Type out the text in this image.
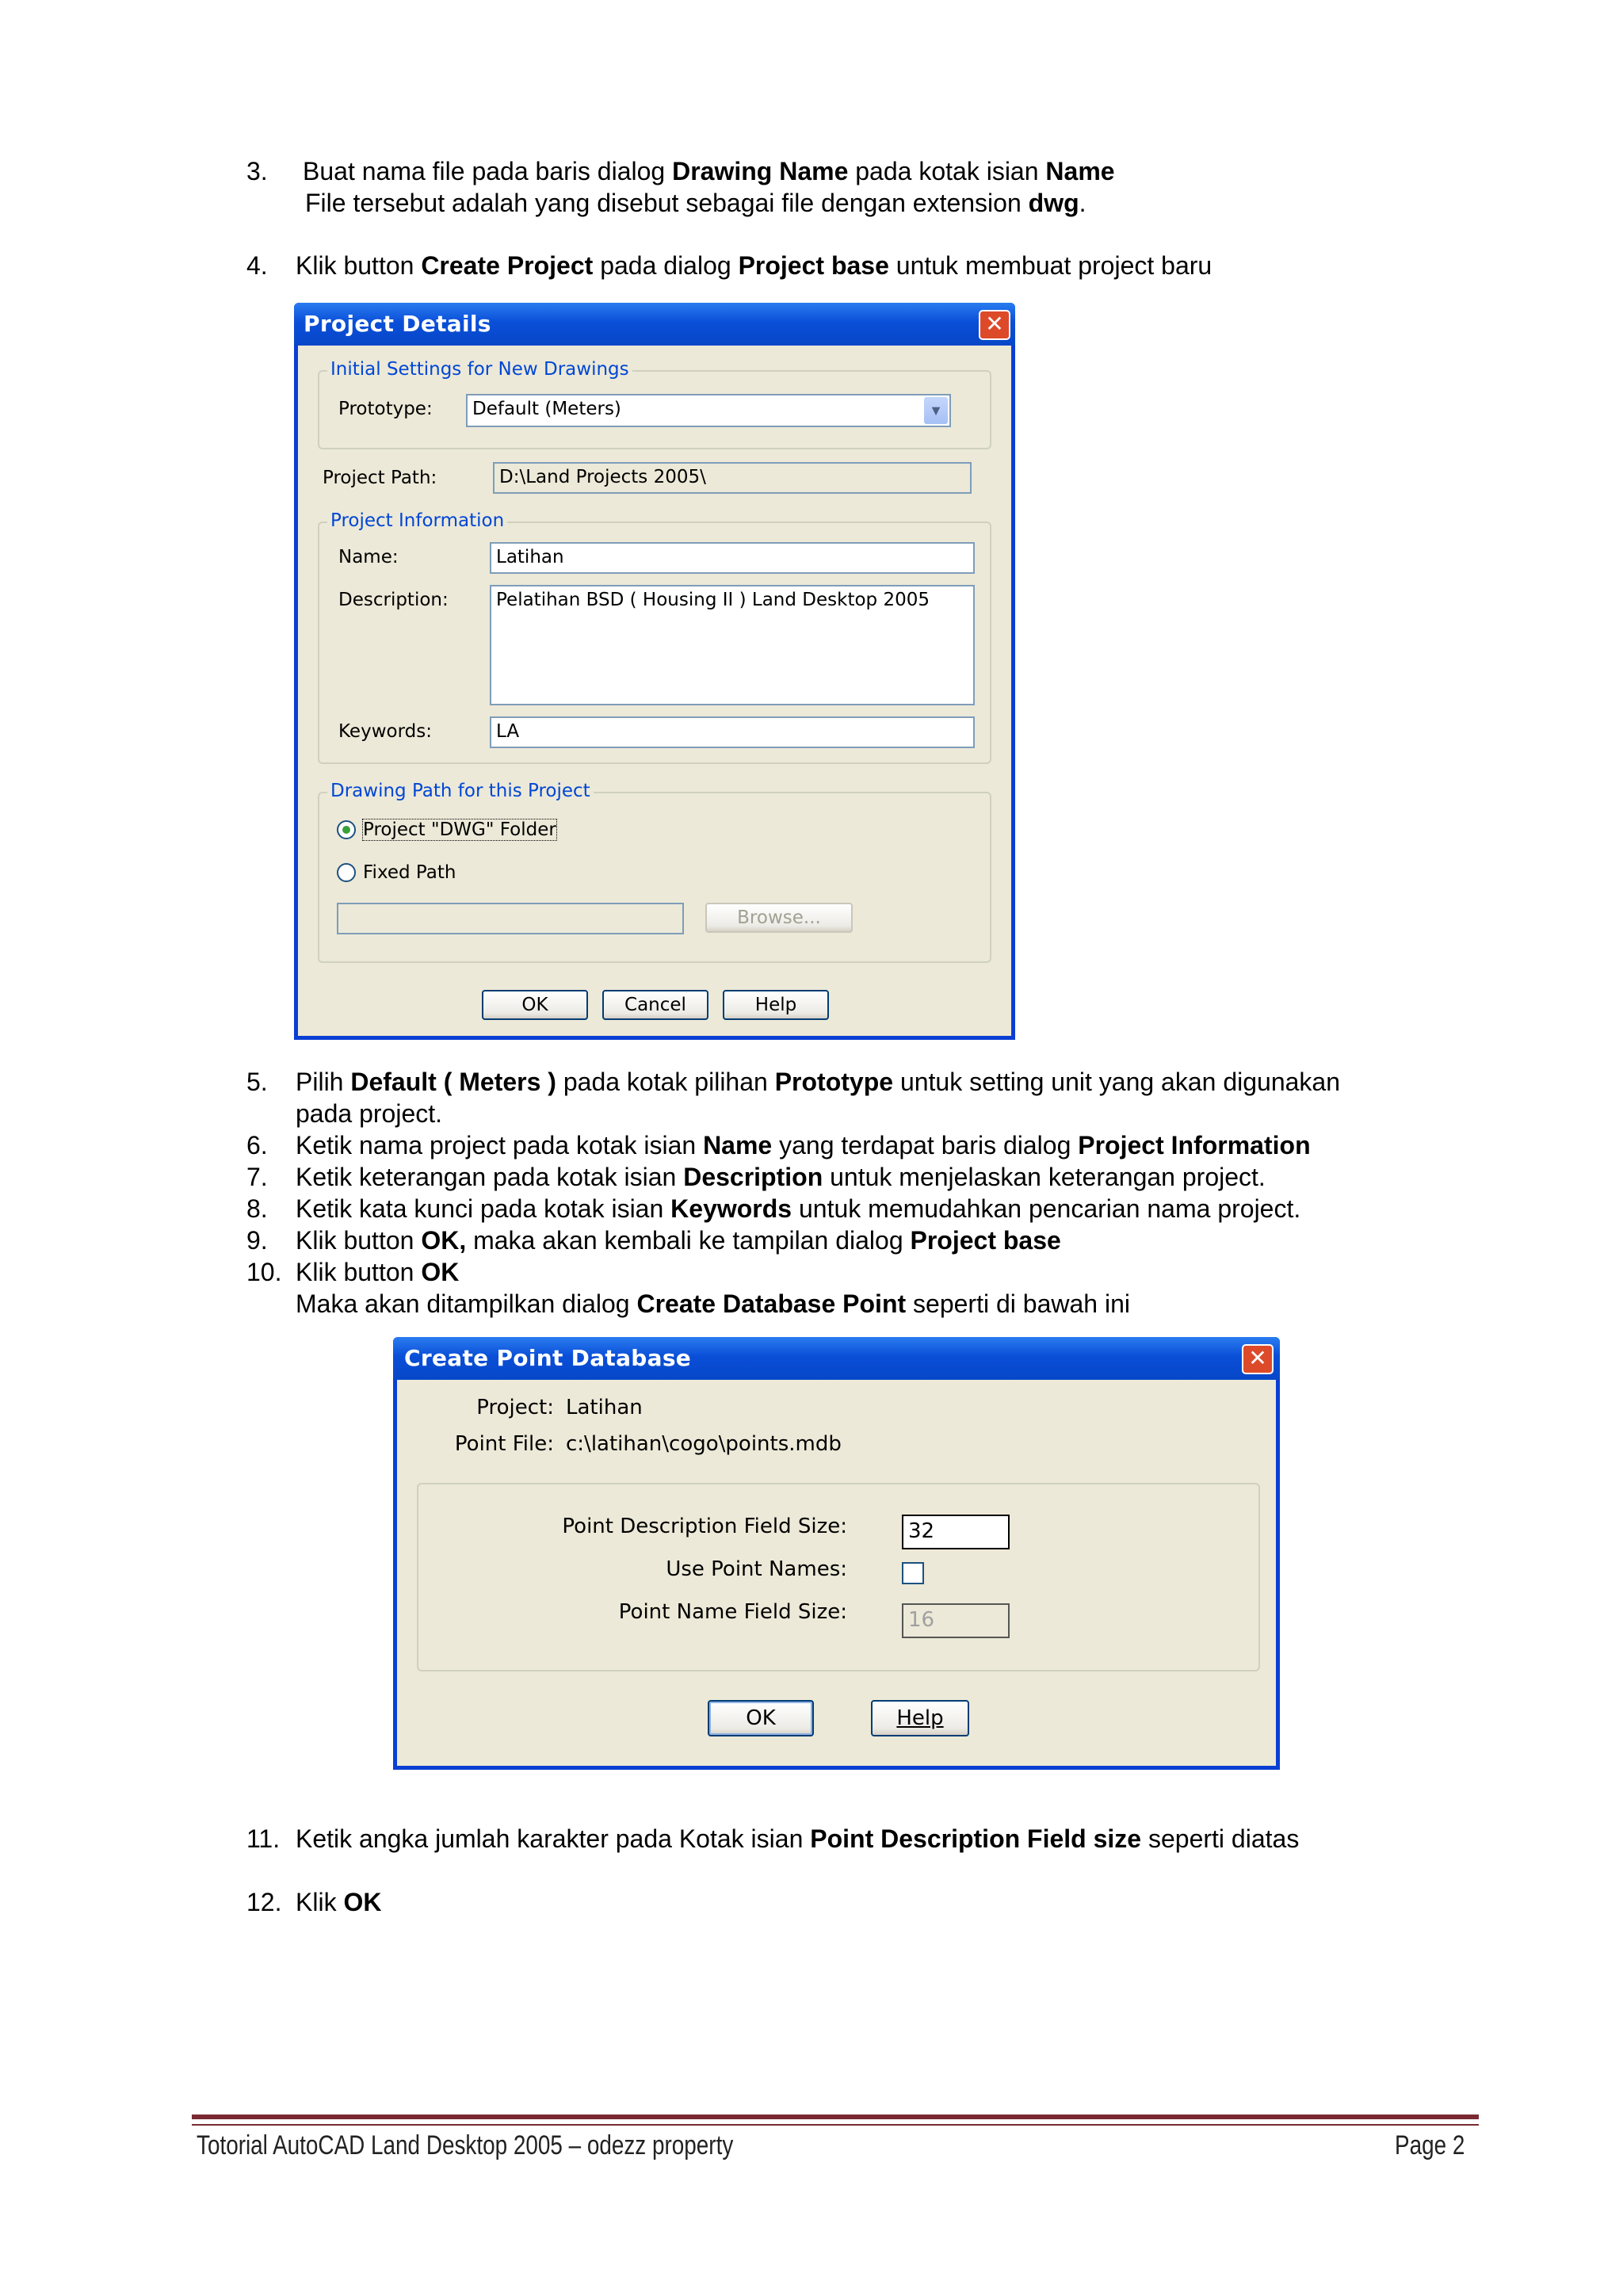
3. Buat nama file pada baris dialog Drawing Name pada kotak isian Name
File tersebut adalah yang disebut sebagai file dengan extension dwg.
4. Klik button Create Project pada dialog Project base untuk membuat project baru
Project Details	✕
Initial Settings for New Drawings
Prototype: Default (Meters)	▼
Project Path:	D:\Land Projects 2005\
Project Information
Name:	Latihan
Description:	Pelatihan BSD ( Housing II ) Land Desktop 2005
Keywords:	LA
Drawing Path for this Project
Project "DWG" Folder
Fixed Path
Browse...
OK	Cancel	Help
5. Pilih Default ( Meters ) pada kotak pilihan Prototype untuk setting unit yang akan digunakan
pada project.
6. Ketik nama project pada kotak isian Name yang terdapat baris dialog Project Information
7. Ketik keterangan pada kotak isian Description untuk menjelaskan keterangan project.
8. Ketik kata kunci pada kotak isian Keywords untuk memudahkan pencarian nama project.
9. Klik button OK, maka akan kembali ke tampilan dialog Project base
10. Klik button OK
Maka akan ditampilkan dialog Create Database Point seperti di bawah ini
Create Point Database	✕
Project: Latihan
Point File: c:\latihan\cogo\points.mdb
Point Description Field Size:	32
Use Point Names:
Point Name Field Size:	16
OK	Help
11. Ketik angka jumlah karakter pada Kotak isian Point Description Field size seperti diatas
12. Klik OK
Totorial AutoCAD Land Desktop 2005 – odezz property	Page 2
